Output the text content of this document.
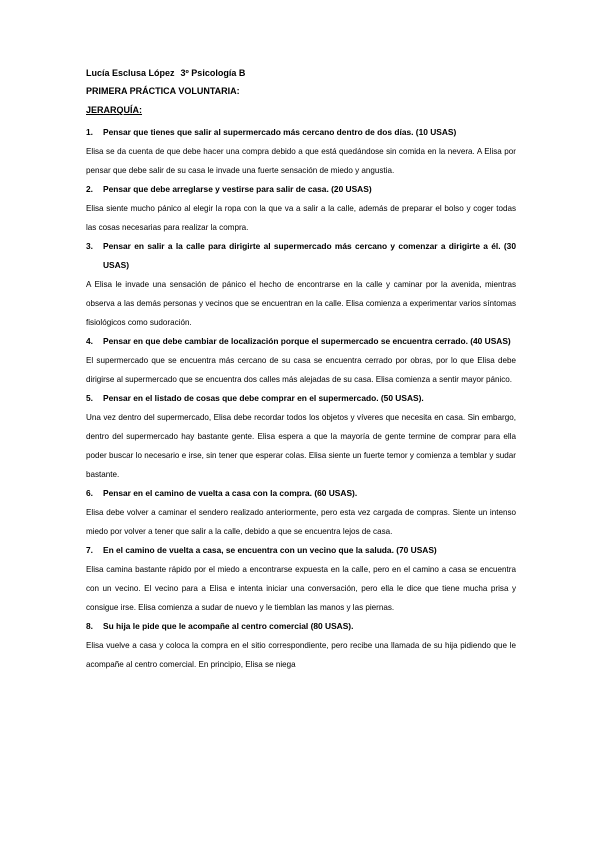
Lucía Esclusa López 3º Psicología B
PRIMERA PRÁCTICA VOLUNTARIA:
JERARQUÍA:
1.	Pensar que tienes que salir al supermercado más cercano dentro de dos días. (10 USAS)

Elisa se da cuenta de que debe hacer una compra debido a que está quedándose sin comida en la nevera. A Elisa por pensar que debe salir de su casa le invade una fuerte sensación de miedo y angustia.

2.	Pensar que debe arreglarse y vestirse para salir de casa. (20 USAS)

Elisa siente mucho pánico al elegir la ropa con la que va a salir a la calle, además de preparar el bolso y coger todas las cosas necesarias para realizar la compra.

3.	Pensar en salir a la calle para dirigirte al supermercado más cercano y comenzar a dirigirte a él. (30 USAS)

A Elisa le invade una sensación de pánico el hecho de encontrarse en la calle y caminar por la avenida, mientras observa a las demás personas y vecinos que se encuentran en la calle. Elisa comienza a experimentar varios síntomas fisiológicos como sudoración.

4.	Pensar en que debe cambiar de localización porque el supermercado se encuentra cerrado. (40 USAS)

El supermercado que se encuentra más cercano de su casa se encuentra cerrado por obras, por lo que Elisa debe dirigirse al supermercado que se encuentra dos calles más alejadas de su casa. Elisa comienza a sentir mayor pánico.

5.	Pensar en el listado de cosas que debe comprar en el supermercado. (50 USAS).

Una vez dentro del supermercado, Elisa debe recordar todos los objetos y víveres que necesita en casa. Sin embargo, dentro del supermercado hay bastante gente. Elisa espera a que la mayoría de gente termine de comprar para ella poder buscar lo necesario e irse, sin tener que esperar colas. Elisa siente un fuerte temor y comienza a temblar y sudar bastante.

6.	Pensar en el camino de vuelta a casa con la compra. (60 USAS).

Elisa debe volver a caminar el sendero realizado anteriormente, pero esta vez cargada de compras. Siente un intenso miedo por volver a tener que salir a la calle, debido a que se encuentra lejos de casa.

7.	En el camino de vuelta a casa, se encuentra con un vecino que la saluda. (70 USAS)

Elisa camina bastante rápido por el miedo a encontrarse expuesta en la calle, pero en el camino a casa se encuentra con un vecino. El vecino para a Elisa e intenta iniciar una conversación, pero ella le dice que tiene mucha prisa y consigue irse. Elisa comienza a sudar de nuevo y le tiemblan las manos y las piernas.

8.	Su hija le pide que le acompañe al centro comercial (80 USAS).

Elisa vuelve a casa y coloca la compra en el sitio correspondiente, pero recibe una llamada de su hija pidiendo que le acompañe al centro comercial. En principio, Elisa se niega
